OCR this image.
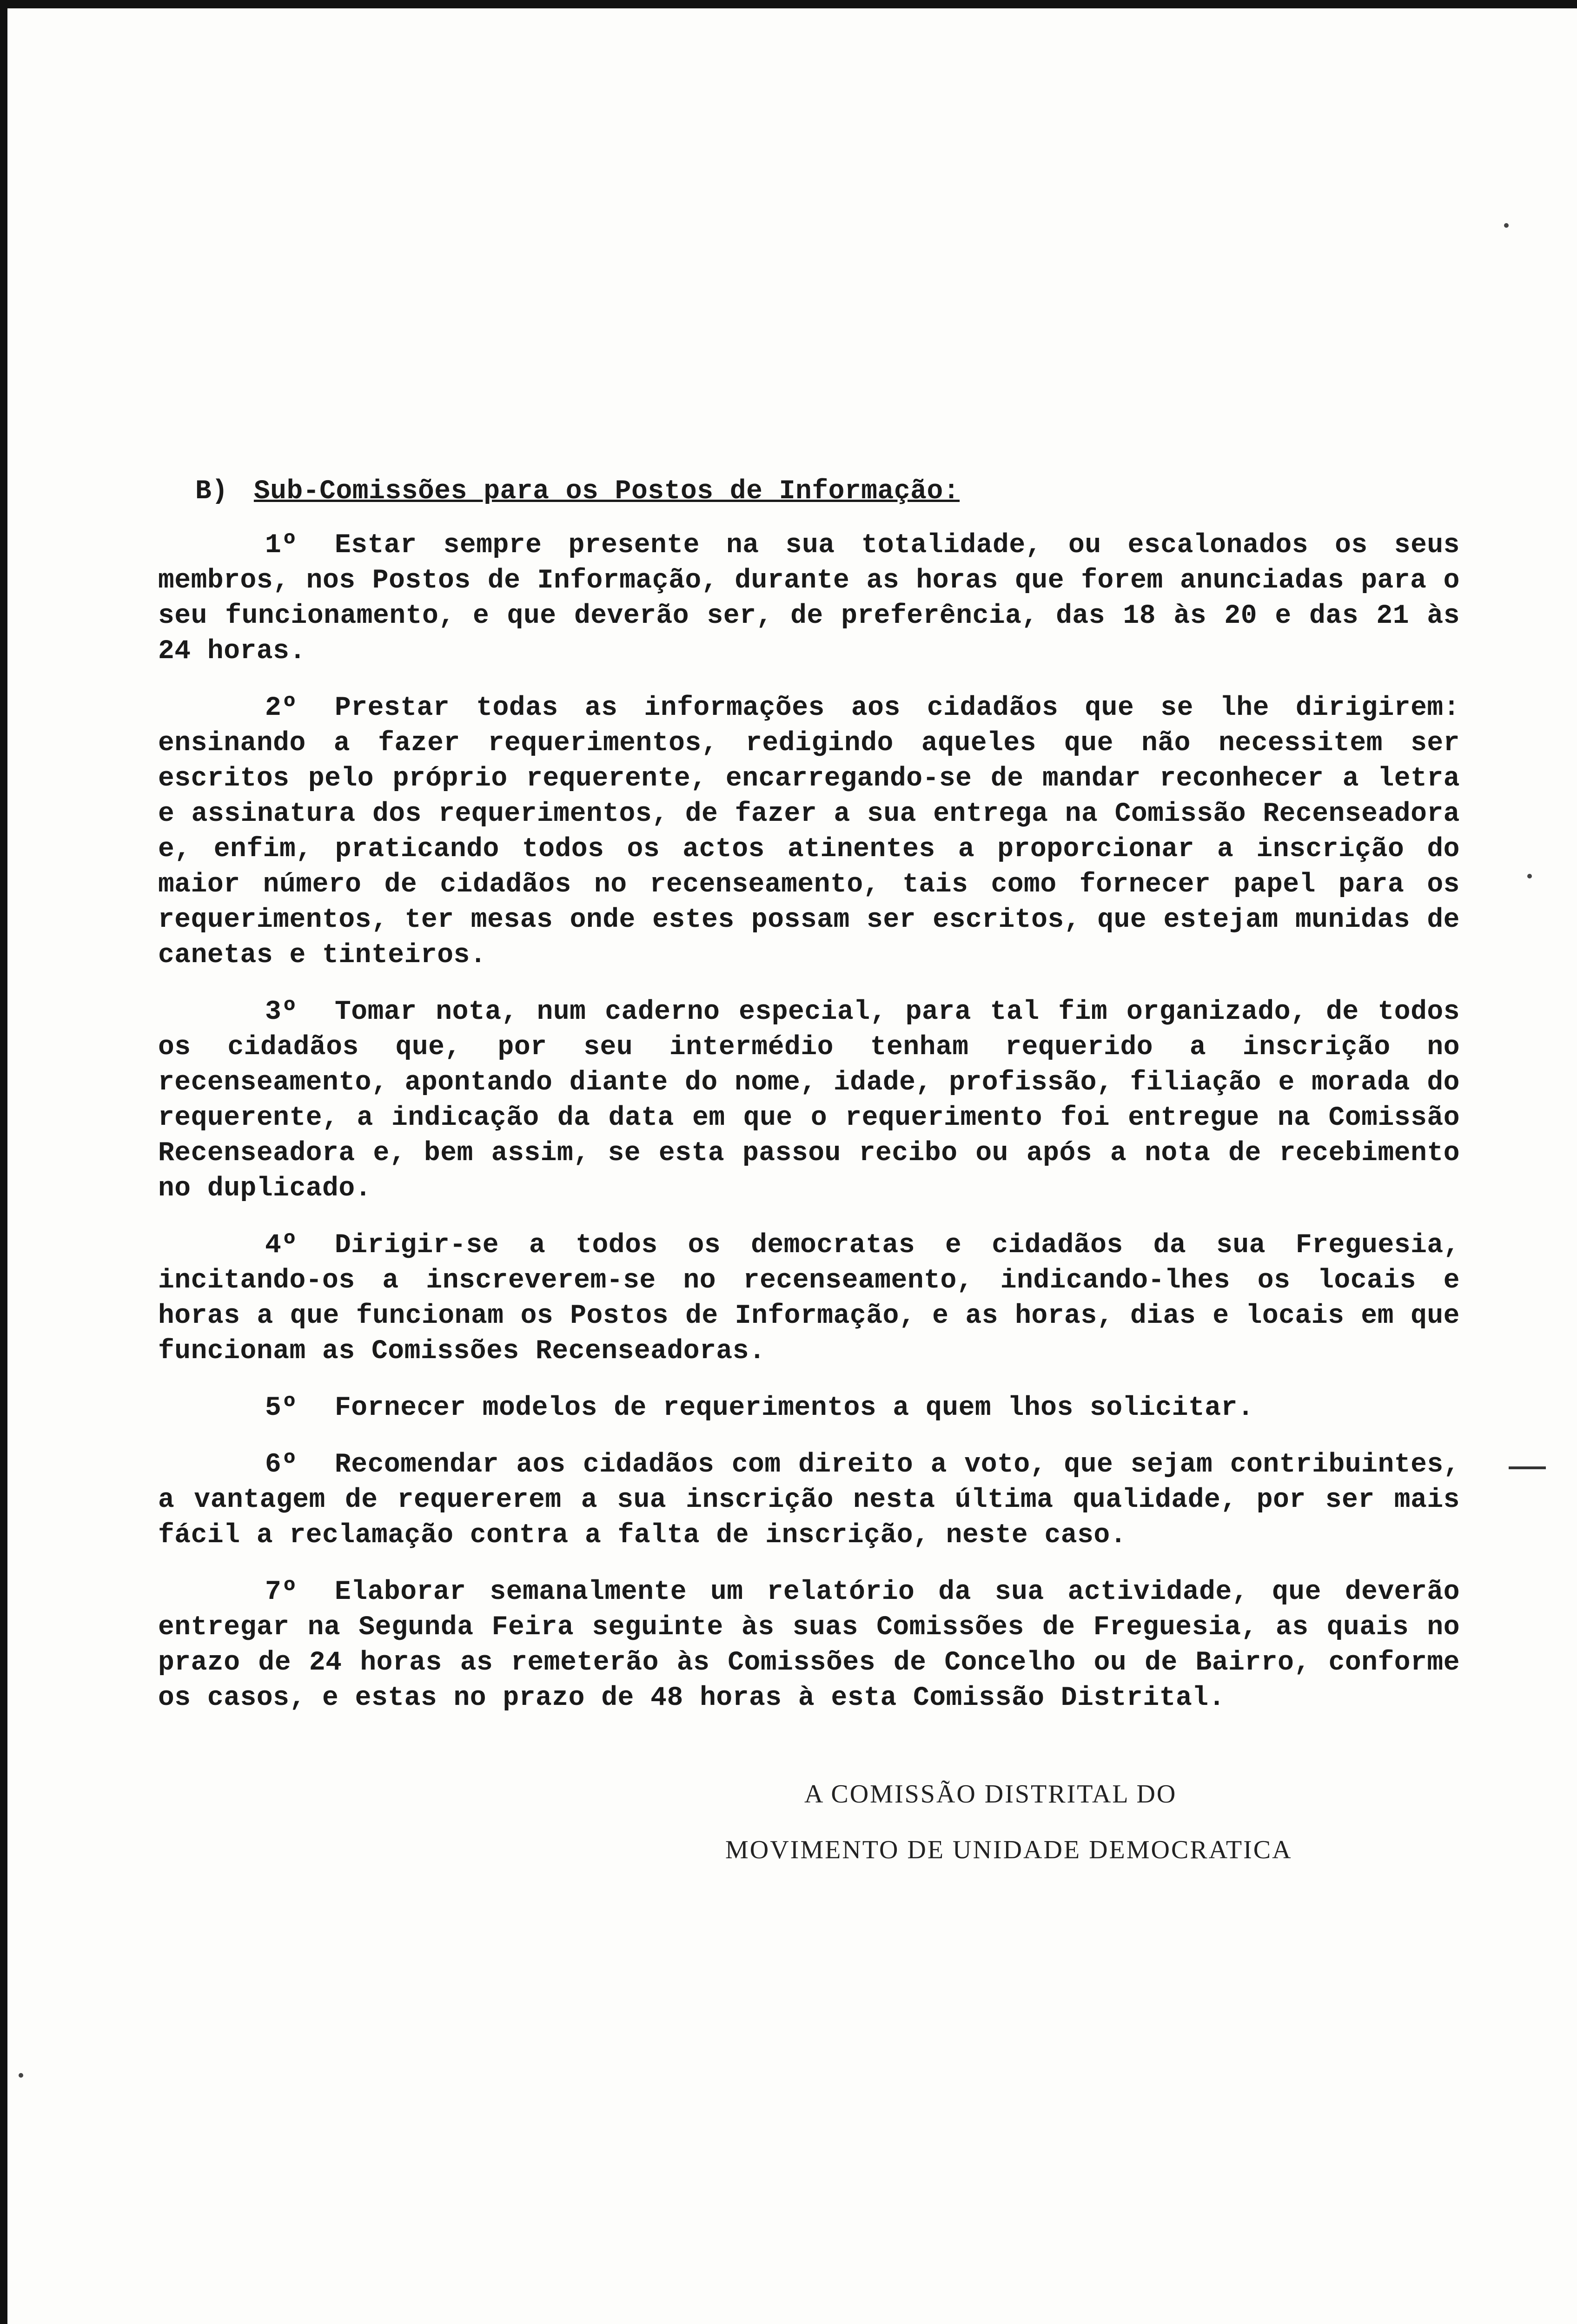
B) Sub-Comissões para os Postos de Informação:

1º Estar sempre presente na sua totalidade, ou escalonados os seus membros, nos Postos de Informação, durante as horas que forem anunciadas para o seu funcionamento, e que deverão ser, de preferência, das 18 às 20 e das 21 às 24 horas.

2º Prestar todas as informações aos cidadãos que se lhe dirigirem: ensinando a fazer requerimentos, redigindo aqueles que não necessitem ser escritos pelo próprio requerente, encarregando-se de mandar reconhecer a letra e assinatura dos requerimentos, de fazer a sua entrega na Comissão Recenseadora e, enfim, praticando todos os actos atinentes a proporcionar a inscrição do maior número de cidadãos no recenseamento, tais como fornecer papel para os requerimentos, ter mesas onde estes possam ser escritos, que estejam munidas de canetas e tinteiros.

3º Tomar nota, num caderno especial, para tal fim organizado, de todos os cidadãos que, por seu intermédio tenham requerido a inscrição no recenseamento, apontando diante do nome, idade, profissão, filiação e morada do requerente, a indicação da data em que o requerimento foi entregue na Comissão Recenseadora e, bem assim, se esta passou recibo ou após a nota de recebimento no duplicado.

4º Dirigir-se a todos os democratas e cidadãos da sua Freguesia, incitando-os a inscreverem-se no recenseamento, indicando-lhes os locais e horas a que funcionam os Postos de Informação, e as horas, dias e locais em que funcionam as Comissões Recenseadoras.

5º Fornecer modelos de requerimentos a quem lhos solicitar.

6º Recomendar aos cidadãos com direito a voto, que sejam contribuintes, a vantagem de requererem a sua inscrição nesta última qualidade, por ser mais fácil a reclamação contra a falta de inscrição, neste caso.

7º Elaborar semanalmente um relatório da sua actividade, que deverão entregar na Segunda Feira seguinte às suas Comissões de Freguesia, as quais no prazo de 24 horas as remeterão às Comissões de Concelho ou de Bairro, conforme os casos, e estas no prazo de 48 horas à esta Comissão Distrital.

A COMISSÃO DISTRITAL DO
MOVIMENTO DE UNIDADE DEMOCRATICA
